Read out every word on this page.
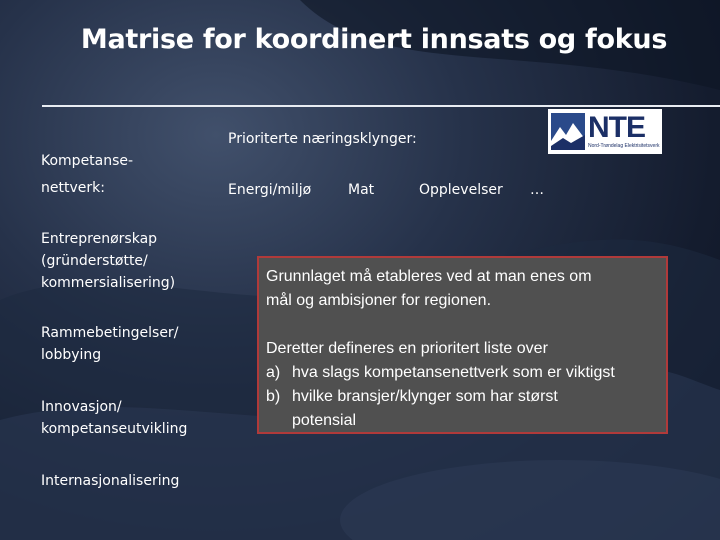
Matrise for koordinert innsats og fokus
NTE
Nord-Trøndelag Elektrisitetsverk
Prioriterte næringsklynger:
Kompetanse-
nettverk:	Energi/miljø	Mat	Opplevelser …
Entreprenørskap
(gründerstøtte/
kommersialisering)
Rammebetingelser/
lobbying
Innovasjon/
kompetanseutvikling
Internasjonalisering
Grunnlaget må etableres ved at man enes om
mål og ambisjoner for regionen.
Deretter defineres en prioritert liste over
a) hva slags kompetansenettverk som er viktigst
b) hvilke bransjer/klynger som har størst
potensial
